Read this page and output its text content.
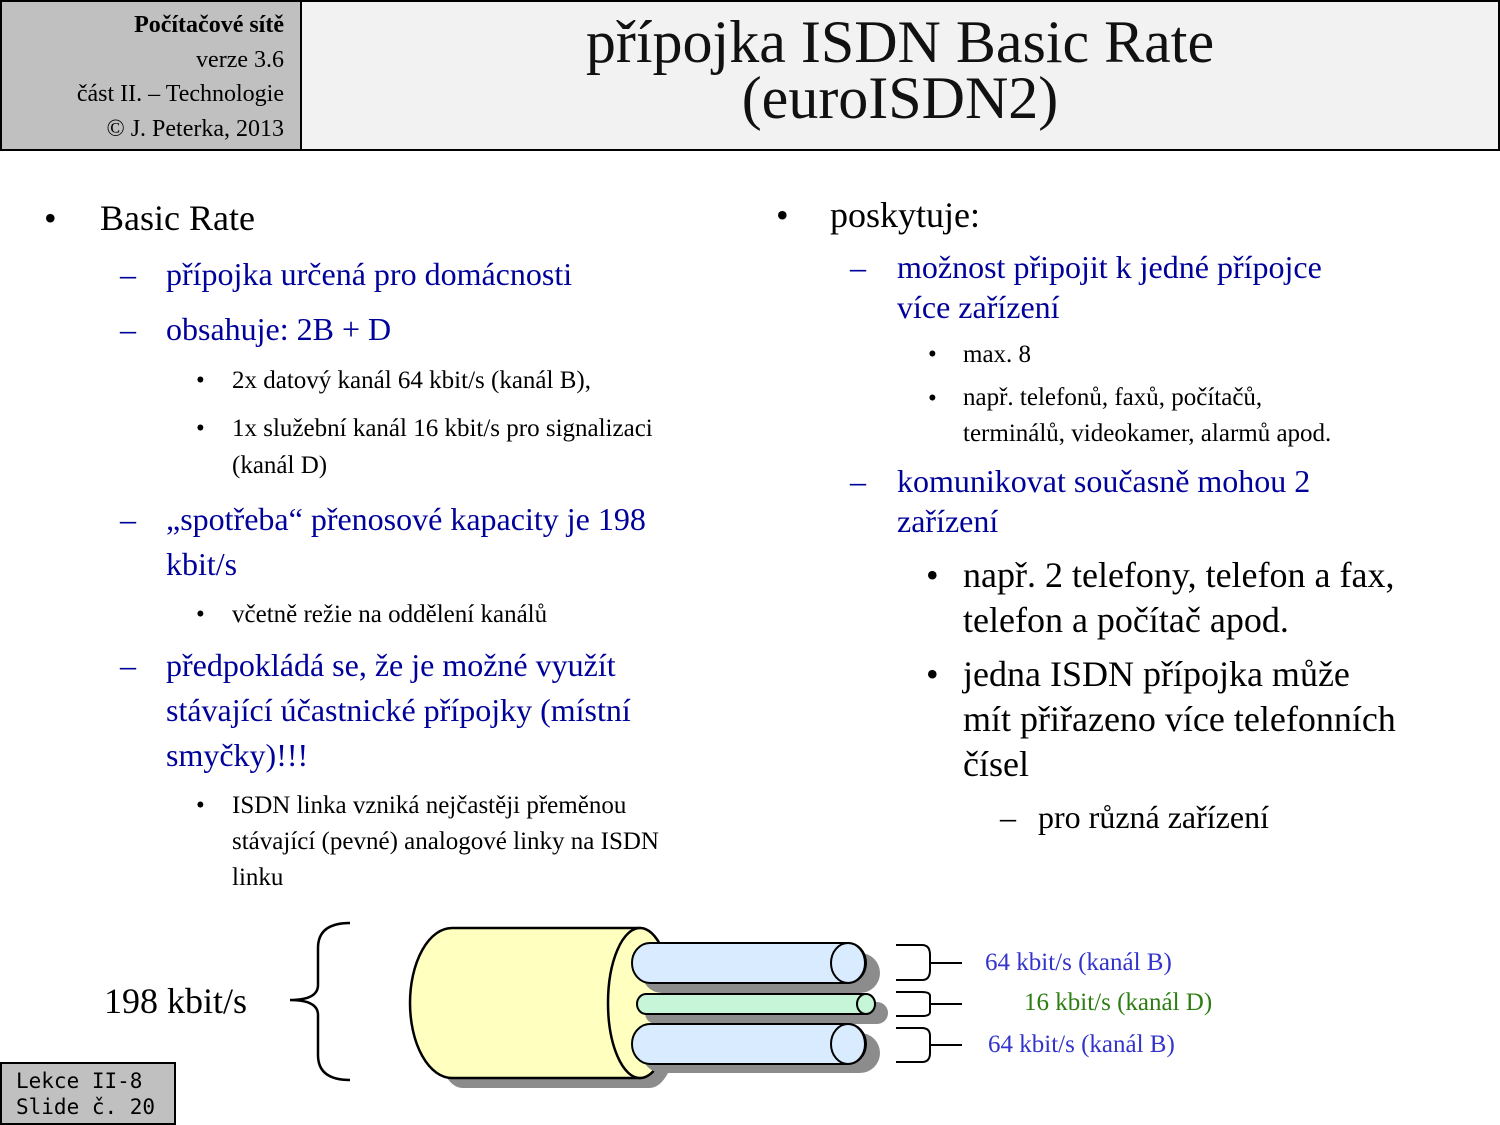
Počítačové sítě
verze 3.6
část II. – Technologie
© J. Peterka, 2013
přípojka ISDN Basic Rate
(euroISDN2)
• Basic Rate
– přípojka určená pro domácnosti
– obsahuje: 2B + D
• 2x datový kanál 64 kbit/s (kanál B),
• 1x služební kanál 16 kbit/s pro signalizaci
(kanál D)
– „spotřeba“ přenosové kapacity je 198
kbit/s
• včetně režie na oddělení kanálů
– předpokládá se, že je možné využít
stávající účastnické přípojky (místní
smyčky)!!!
• ISDN linka vzniká nejčastěji přeměnou
stávající (pevné) analogové linky na ISDN
linku
• poskytuje:
– možnost připojit k jedné přípojce
více zařízení
• max. 8
• např. telefonů, faxů, počítačů,
terminálů, videokamer, alarmů apod.
– komunikovat současně mohou 2
zařízení
• např. 2 telefony, telefon a fax,
telefon a počítač apod.
• jedna ISDN přípojka může
mít přiřazeno více telefonních
čísel
– pro různá zařízení
198 kbit/s
64 kbit/s (kanál B)
16 kbit/s (kanál D)
64 kbit/s (kanál B)
Lekce II-8
Slide č. 20
